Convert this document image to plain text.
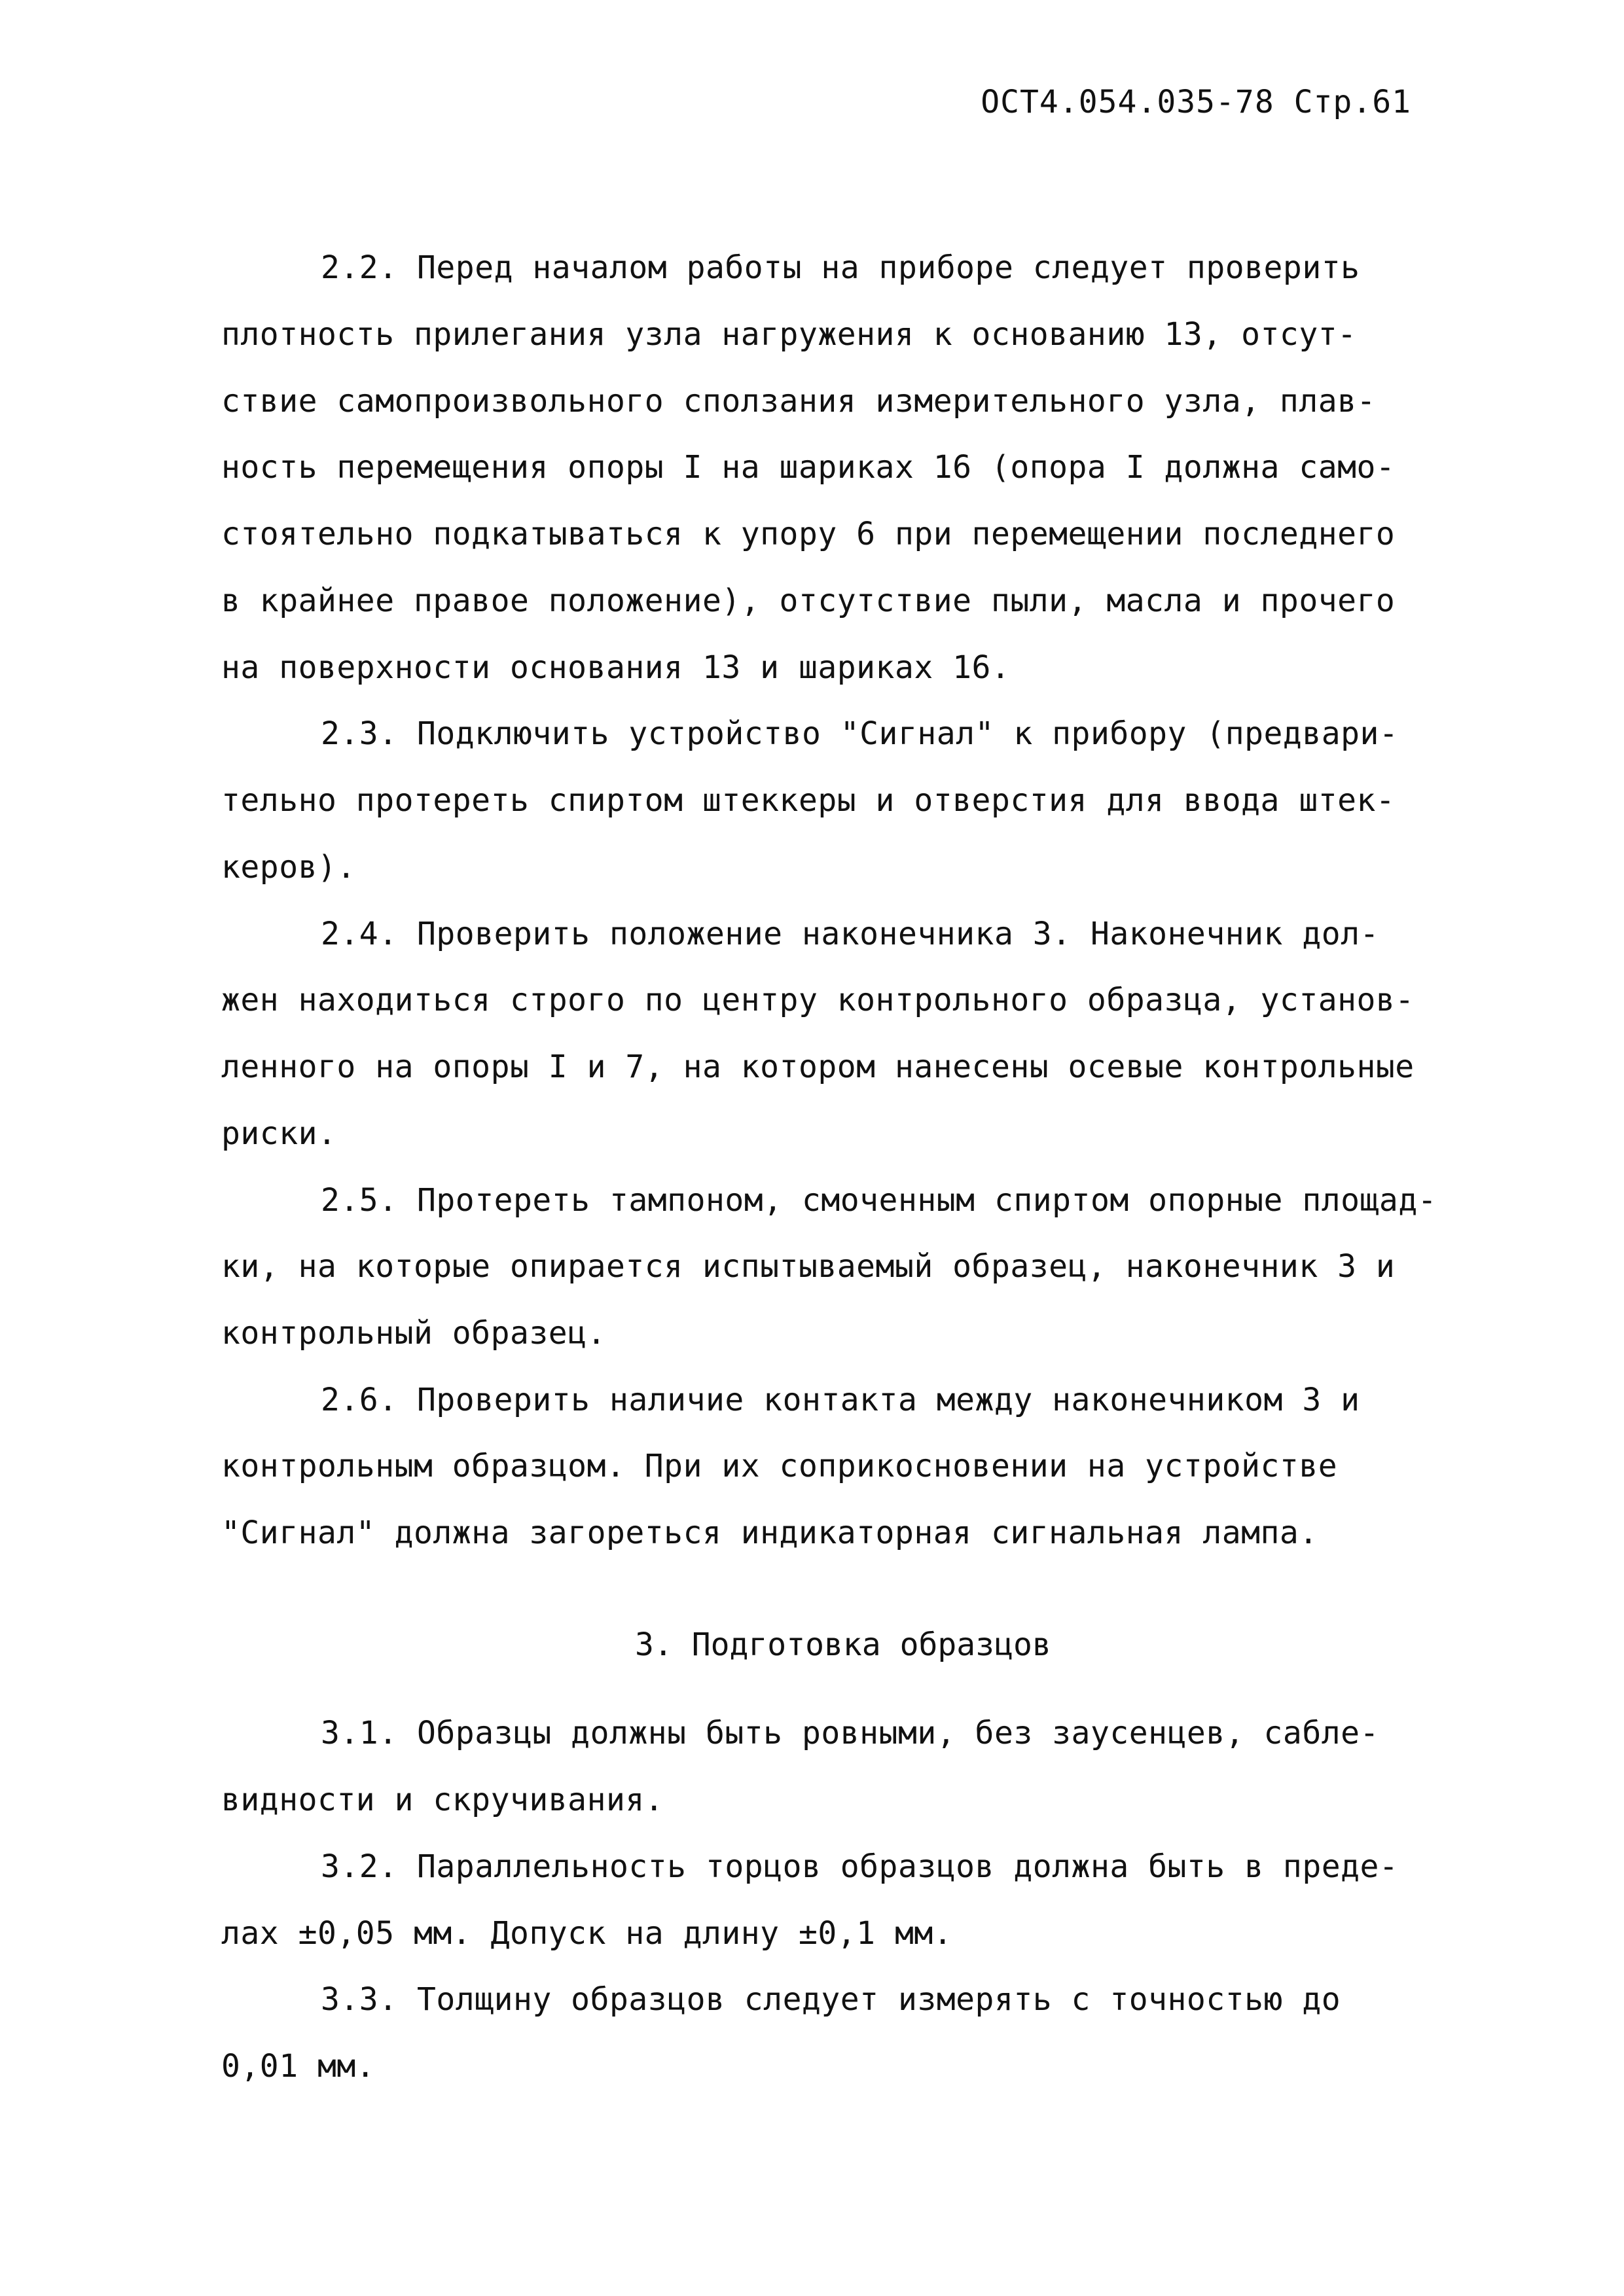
ОСТ4.054.035-78 Стр.61
2.2. Перед началом работы на приборе следует проверить
плотность прилегания узла нагружения к основанию 13, отсут-
ствие самопроизвольного сползания измерительного узла, плав-
ность перемещения опоры I на шариках 16 (опора I должна само-
стоятельно подкатываться к упору 6 при перемещении последнего
в крайнее правое положение), отсутствие пыли, масла и прочего
на поверхности основания 13 и шариках 16.
2.3. Подключить устройство "Сигнал" к прибору (предвари-
тельно протереть спиртом штеккеры и отверстия для ввода штек-
керов).
2.4. Проверить положение наконечника 3. Наконечник дол-
жен находиться строго по центру контрольного образца, установ-
ленного на опоры I и 7, на котором нанесены осевые контрольные
риски.
2.5. Протереть тампоном, смоченным спиртом опорные площад-
ки, на которые опирается испытываемый образец, наконечник 3 и
контрольный образец.
2.6. Проверить наличие контакта между наконечником 3 и
контрольным образцом. При их соприкосновении на устройстве
"Сигнал" должна загореться индикаторная сигнальная лампа.
3. Подготовка образцов
3.1. Образцы должны быть ровными, без заусенцев, сабле-
видности и скручивания.
3.2. Параллельность торцов образцов должна быть в преде-
лах ±0,05 мм. Допуск на длину ±0,1 мм.
3.3. Толщину образцов следует измерять с точностью до
0,01 мм.
